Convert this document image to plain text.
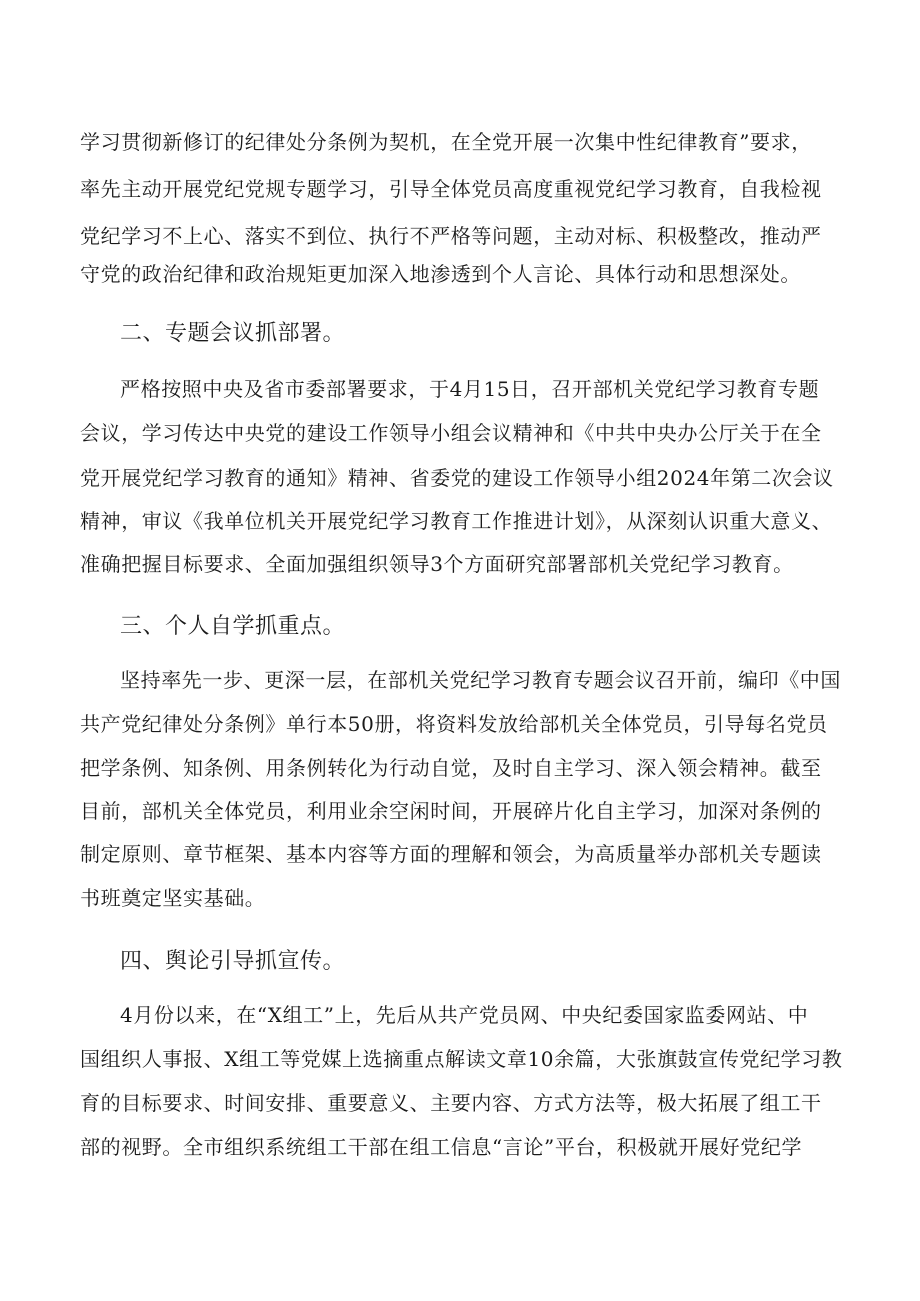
学习贯彻新修订的纪律处分条例为契机，在全党开展一次集中性纪律教育”要求，
率先主动开展党纪党规专题学习，引导全体党员高度重视党纪学习教育，自我检视
党纪学习不上心、落实不到位、执行不严格等问题，主动对标、积极整改，推动严
守党的政治纪律和政治规矩更加深入地渗透到个人言论、具体行动和思想深处。
二、专题会议抓部署。
严格按照中央及省市委部署要求，于4月15日，召开部机关党纪学习教育专题
会议，学习传达中央党的建设工作领导小组会议精神和《中共中央办公厅关于在全
党开展党纪学习教育的通知》精神、省委党的建设工作领导小组2024年第二次会议
精神，审议《我单位机关开展党纪学习教育工作推进计划》，从深刻认识重大意义、
准确把握目标要求、全面加强组织领导3个方面研究部署部机关党纪学习教育。
三、个人自学抓重点。
坚持率先一步、更深一层，在部机关党纪学习教育专题会议召开前，编印《中国
共产党纪律处分条例》单行本50册，将资料发放给部机关全体党员，引导每名党员
把学条例、知条例、用条例转化为行动自觉，及时自主学习、深入领会精神。截至
目前，部机关全体党员，利用业余空闲时间，开展碎片化自主学习，加深对条例的
制定原则、章节框架、基本内容等方面的理解和领会，为高质量举办部机关专题读
书班奠定坚实基础。
四、舆论引导抓宣传。
4月份以来，在“X组工”上，先后从共产党员网、中央纪委国家监委网站、中
国组织人事报、X组工等党媒上选摘重点解读文章10余篇，大张旗鼓宣传党纪学习教
育的目标要求、时间安排、重要意义、主要内容、方式方法等，极大拓展了组工干
部的视野。全市组织系统组工干部在组工信息“言论”平台，积极就开展好党纪学
